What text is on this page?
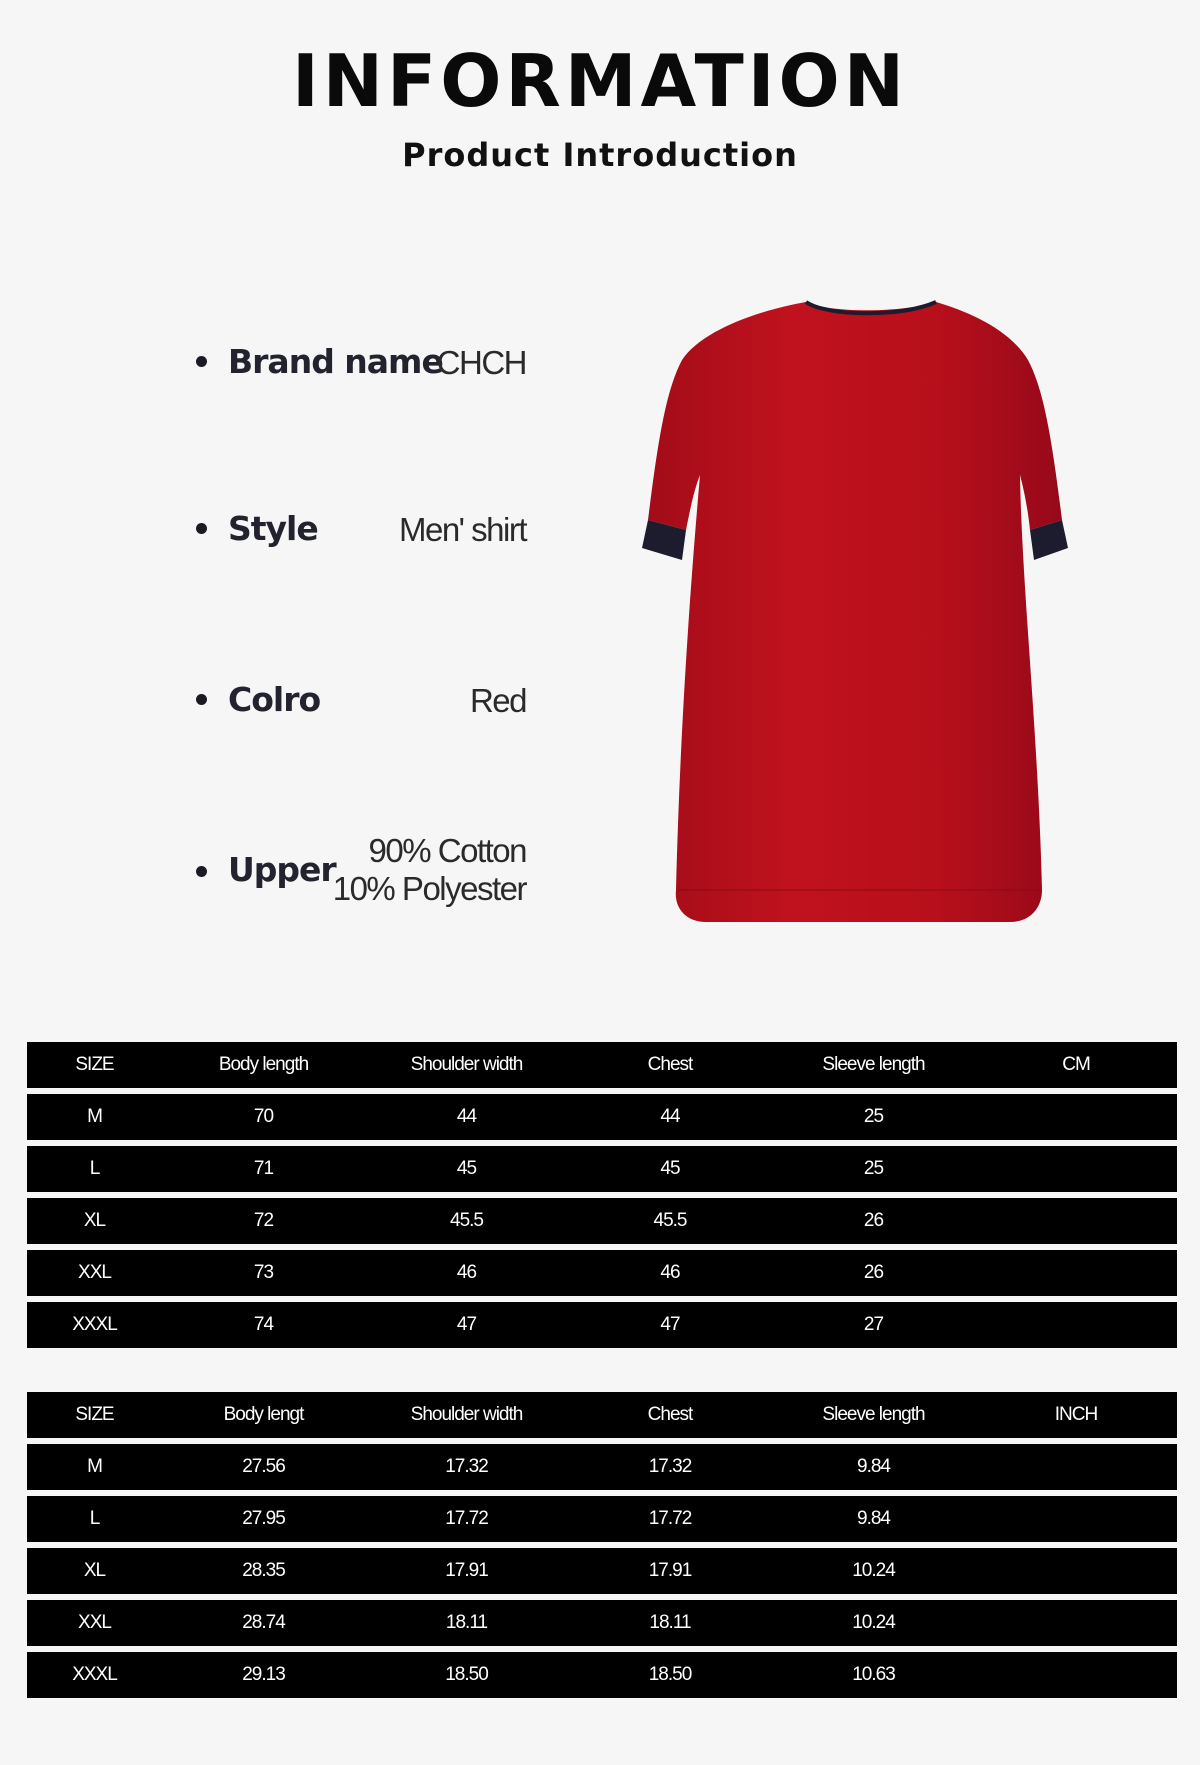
INFORMATION
Product Introduction
Brand name
CHCH
Style Men' shirt
Colro	Red
Upper 90% Cotton
10% Polyester
SIZE	Body length	Shoulder width	Chest	Sleeve length	CM
M	70	44	44	25	
L	71	45	45	25	
XL	72	45.5	45.5	26	
XXL	73	46	46	26	
XXXL	74	47	47	27	
SIZE	Body lengt	Shoulder width	Chest	Sleeve length	INCH
M	27.56	17.32	17.32	9.84	
L	27.95	17.72	17.72	9.84	
XL	28.35	17.91	17.91	10.24	
XXL	28.74	18.11	18.11	10.24	
XXXL	29.13	18.50	18.50	10.63	
